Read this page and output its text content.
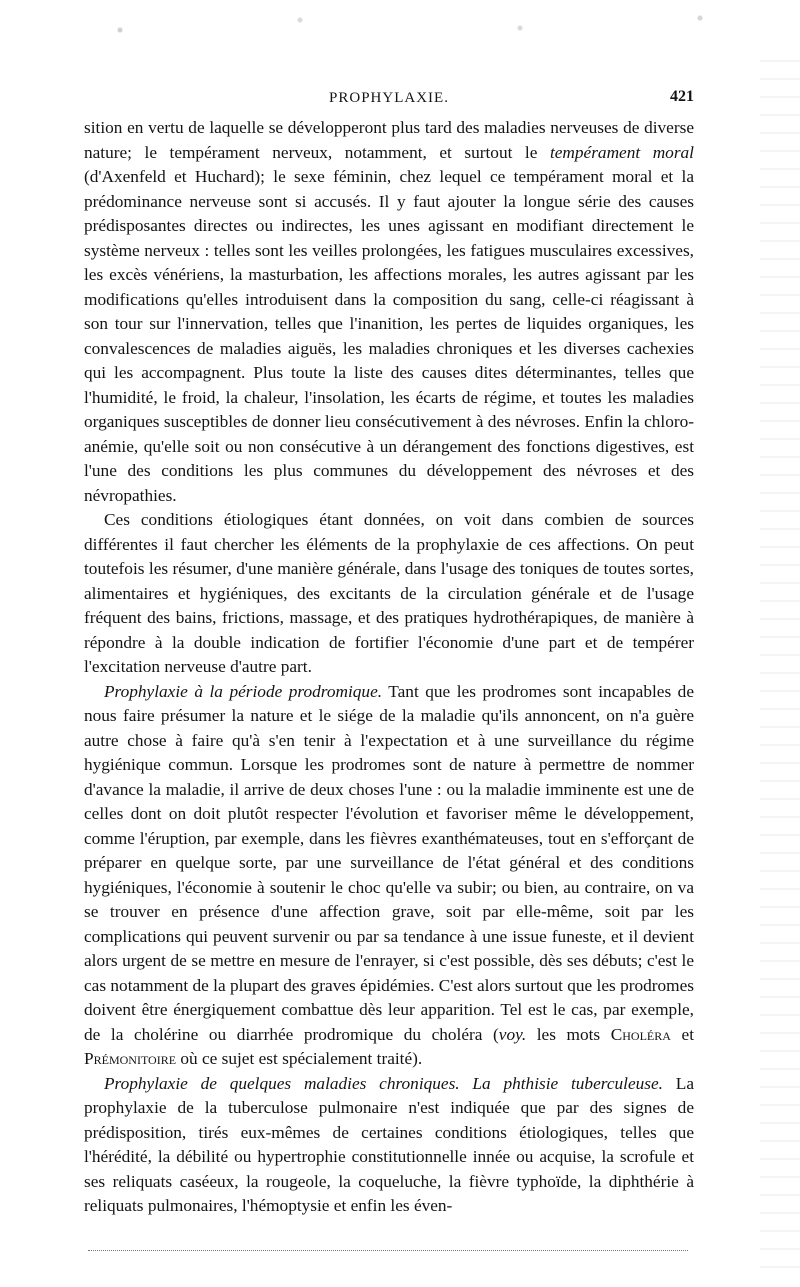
PROPHYLAXIE.	421

sition en vertu de laquelle se développeront plus tard des maladies nerveuses de diverse nature; le tempérament nerveux, notamment, et surtout le tempérament moral (d'Axenfeld et Huchard); le sexe féminin, chez lequel ce tempérament moral et la prédominance nerveuse sont si accusés. Il y faut ajouter la longue série des causes prédisposantes directes ou indirectes, les unes agissant en modifiant directement le système nerveux : telles sont les veilles prolongées, les fatigues musculaires excessives, les excès vénériens, la masturbation, les affections morales, les autres agissant par les modifications qu'elles introduisent dans la composition du sang, celle-ci réagissant à son tour sur l'innervation, telles que l'inanition, les pertes de liquides organiques, les convalescences de maladies aiguës, les maladies chroniques et les diverses cachexies qui les accompagnent. Plus toute la liste des causes dites déterminantes, telles que l'humidité, le froid, la chaleur, l'insolation, les écarts de régime, et toutes les maladies organiques susceptibles de donner lieu consécutivement à des névroses. Enfin la chloro-anémie, qu'elle soit ou non consécutive à un dérangement des fonctions digestives, est l'une des conditions les plus communes du développement des névroses et des névropathies.

Ces conditions étiologiques étant données, on voit dans combien de sources différentes il faut chercher les éléments de la prophylaxie de ces affections. On peut toutefois les résumer, d'une manière générale, dans l'usage des toniques de toutes sortes, alimentaires et hygiéniques, des excitants de la circulation générale et de l'usage fréquent des bains, frictions, massage, et des pratiques hydrothérapiques, de manière à répondre à la double indication de fortifier l'économie d'une part et de tempérer l'excitation nerveuse d'autre part.

Prophylaxie à la période prodromique. Tant que les prodromes sont incapables de nous faire présumer la nature et le siége de la maladie qu'ils annoncent, on n'a guère autre chose à faire qu'à s'en tenir à l'expectation et à une surveillance du régime hygiénique commun. Lorsque les prodromes sont de nature à permettre de nommer d'avance la maladie, il arrive de deux choses l'une : ou la maladie imminente est une de celles dont on doit plutôt respecter l'évolution et favoriser même le développement, comme l'éruption, par exemple, dans les fièvres exanthémateuses, tout en s'efforçant de préparer en quelque sorte, par une surveillance de l'état général et des conditions hygiéniques, l'économie à soutenir le choc qu'elle va subir; ou bien, au contraire, on va se trouver en présence d'une affection grave, soit par elle-même, soit par les complications qui peuvent survenir ou par sa tendance à une issue funeste, et il devient alors urgent de se mettre en mesure de l'enrayer, si c'est possible, dès ses débuts; c'est le cas notamment de la plupart des graves épidémies. C'est alors surtout que les prodromes doivent être énergiquement combattue dès leur apparition. Tel est le cas, par exemple, de la cholérine ou diarrhée prodromique du choléra (voy. les mots Choléra et Prémonitoire où ce sujet est spécialement traité).

Prophylaxie de quelques maladies chroniques. La phthisie tuberculeuse. La prophylaxie de la tuberculose pulmonaire n'est indiquée que par des signes de prédisposition, tirés eux-mêmes de certaines conditions étiologiques, telles que l'hérédité, la débilité ou hypertrophie constitutionnelle innée ou acquise, la scrofule et ses reliquats caséeux, la rougeole, la coqueluche, la fièvre typhoïde, la diphthérie à reliquats pulmonaires, l'hémoptysie et enfin les éven-
